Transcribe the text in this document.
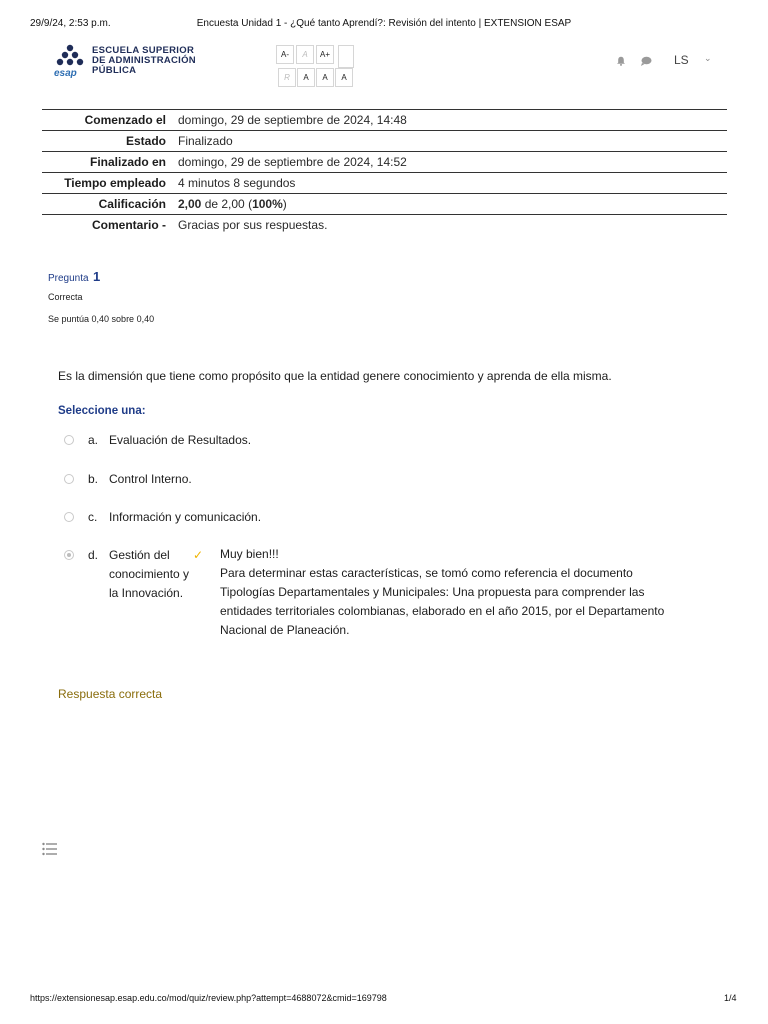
29/9/24, 2:53 p.m.	Encuesta Unidad 1 - ¿Qué tanto Aprendí?: Revisión del intento | EXTENSION ESAP
esap
ESCUELA SUPERIOR
DE ADMINISTRACIÓN
PÚBLICA
A-	A	A+
R	A	A	A
LS ⌄
Comenzado el	domingo, 29 de septiembre de 2024, 14:48
Estado	Finalizado
Finalizado en	domingo, 29 de septiembre de 2024, 14:52
Tiempo empleado	4 minutos 8 segundos
Calificación	2,00 de 2,00 (100%)
Comentario -	Gracias por sus respuestas.
Pregunta 1
Correcta
Se puntúa 0,40 sobre 0,40
Es la dimensión que tiene como propósito que la entidad genere conocimiento y aprenda de ella misma.
Seleccione una:
a. Evaluación de Resultados.
b. Control Interno.
c. Información y comunicación.
d. Gestión del conocimiento y la Innovación.
✓ Muy bien!!!
Para determinar estas características, se tomó como referencia el documento Tipologías Departamentales y Municipales: Una propuesta para comprender las entidades territoriales colombianas, elaborado en el año 2015, por el Departamento Nacional de Planeación.
Respuesta correcta
https://extensionesap.esap.edu.co/mod/quiz/review.php?attempt=4688072&cmid=169798	1/4
